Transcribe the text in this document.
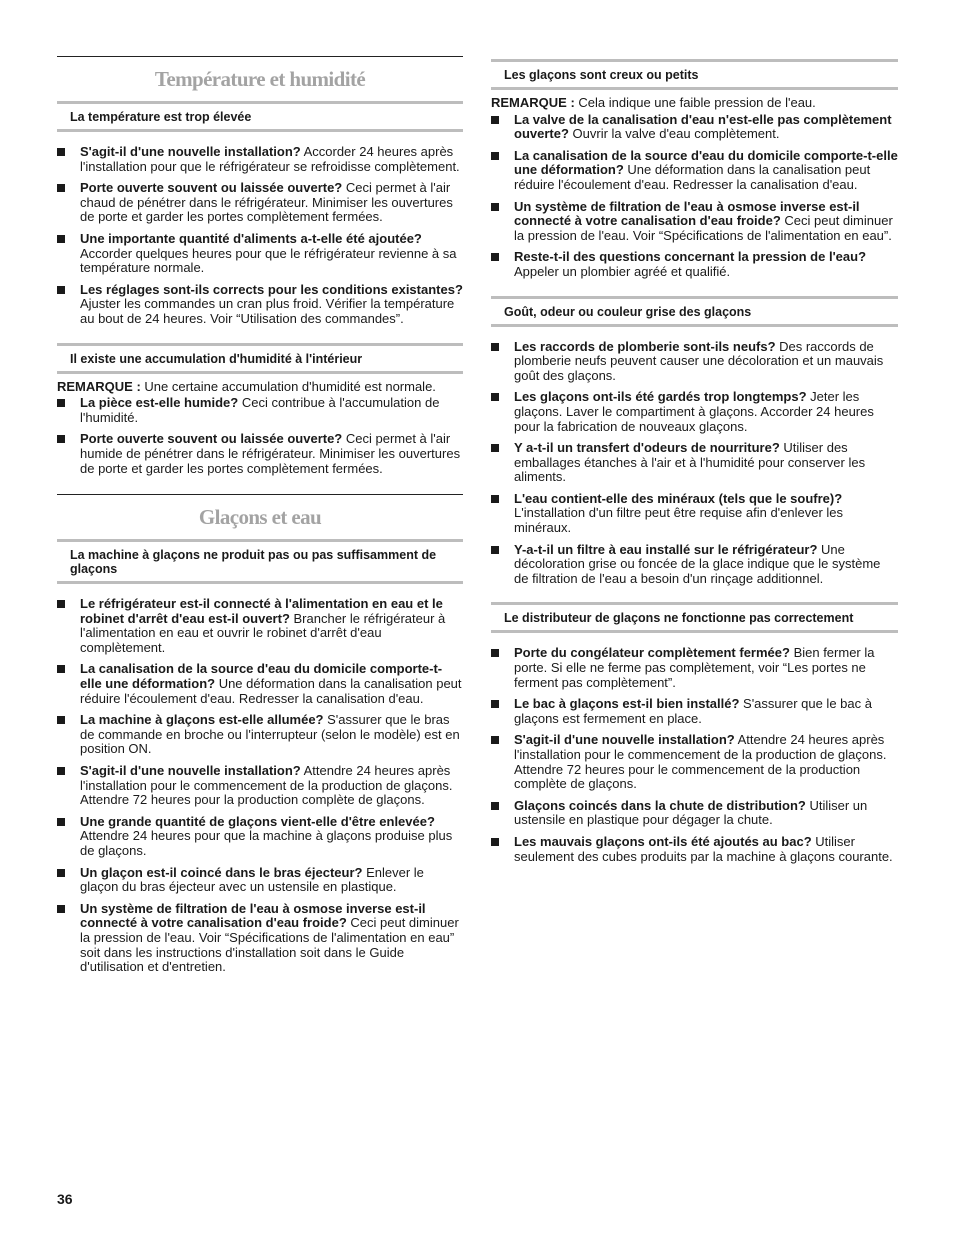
Température et humidité
La température est trop élevée
S'agit-il d'une nouvelle installation? Accorder 24 heures après l'installation pour que le réfrigérateur se refroidisse complètement.
Porte ouverte souvent ou laissée ouverte? Ceci permet à l'air chaud de pénétrer dans le réfrigérateur. Minimiser les ouvertures de porte et garder les portes complètement fermées.
Une importante quantité d'aliments a-t-elle été ajoutée? Accorder quelques heures pour que le réfrigérateur revienne à sa température normale.
Les réglages sont-ils corrects pour les conditions existantes? Ajuster les commandes un cran plus froid. Vérifier la température au bout de 24 heures. Voir “Utilisation des commandes”.
Il existe une accumulation d'humidité à l'intérieur

REMARQUE : Une certaine accumulation d'humidité est normale.

La pièce est-elle humide? Ceci contribue à l'accumulation de l'humidité.
Porte ouverte souvent ou laissée ouverte? Ceci permet à l'air humide de pénétrer dans le réfrigérateur. Minimiser les ouvertures de porte et garder les portes complètement fermées.
Glaçons et eau
La machine à glaçons ne produit pas ou pas suffisamment de glaçons
Le réfrigérateur est-il connecté à l'alimentation en eau et le robinet d'arrêt d'eau est-il ouvert? Brancher le réfrigérateur à l'alimentation en eau et ouvrir le robinet d'arrêt d'eau complètement.
La canalisation de la source d'eau du domicile comporte-t-elle une déformation? Une déformation dans la canalisation peut réduire l'écoulement d'eau. Redresser la canalisation d'eau.
La machine à glaçons est-elle allumée? S'assurer que le bras de commande en broche ou l'interrupteur (selon le modèle) est en position ON.
S'agit-il d'une nouvelle installation? Attendre 24 heures après l'installation pour le commencement de la production de glaçons. Attendre 72 heures pour la production complète de glaçons.
Une grande quantité de glaçons vient-elle d'être enlevée? Attendre 24 heures pour que la machine à glaçons produise plus de glaçons.
Un glaçon est-il coincé dans le bras éjecteur? Enlever le glaçon du bras éjecteur avec un ustensile en plastique.
Un système de filtration de l'eau à osmose inverse est-il connecté à votre canalisation d'eau froide? Ceci peut diminuer la pression de l'eau. Voir “Spécifications de l'alimentation en eau” soit dans les instructions d'installation soit dans le Guide d'utilisation et d'entretien.
Les glaçons sont creux ou petits

REMARQUE : Cela indique une faible pression de l'eau.

La valve de la canalisation d'eau n'est-elle pas complètement ouverte? Ouvrir la valve d'eau complètement.
La canalisation de la source d'eau du domicile comporte-t-elle une déformation? Une déformation dans la canalisation peut réduire l'écoulement d'eau. Redresser la canalisation d'eau.
Un système de filtration de l'eau à osmose inverse est-il connecté à votre canalisation d'eau froide? Ceci peut diminuer la pression de l'eau. Voir “Spécifications de l'alimentation en eau”.
Reste-t-il des questions concernant la pression de l'eau? Appeler un plombier agréé et qualifié.
Goût, odeur ou couleur grise des glaçons
Les raccords de plomberie sont-ils neufs? Des raccords de plomberie neufs peuvent causer une décoloration et un mauvais goût des glaçons.
Les glaçons ont-ils été gardés trop longtemps? Jeter les glaçons. Laver le compartiment à glaçons. Accorder 24 heures pour la fabrication de nouveaux glaçons.
Y a-t-il un transfert d'odeurs de nourriture? Utiliser des emballages étanches à l'air et à l'humidité pour conserver les aliments.
L'eau contient-elle des minéraux (tels que le soufre)? L'installation d'un filtre peut être requise afin d'enlever les minéraux.
Y-a-t-il un filtre à eau installé sur le réfrigérateur? Une décoloration grise ou foncée de la glace indique que le système de filtration de l'eau a besoin d'un rinçage additionnel.
Le distributeur de glaçons ne fonctionne pas correctement
Porte du congélateur complètement fermée? Bien fermer la porte. Si elle ne ferme pas complètement, voir “Les portes ne ferment pas complètement”.
Le bac à glaçons est-il bien installé? S'assurer que le bac à glaçons est fermement en place.
S'agit-il d'une nouvelle installation? Attendre 24 heures après l'installation pour le commencement de la production de glaçons. Attendre 72 heures pour le commencement de la production complète de glaçons.
Glaçons coincés dans la chute de distribution? Utiliser un ustensile en plastique pour dégager la chute.
Les mauvais glaçons ont-ils été ajoutés au bac? Utiliser seulement des cubes produits par la machine à glaçons courante.
36
